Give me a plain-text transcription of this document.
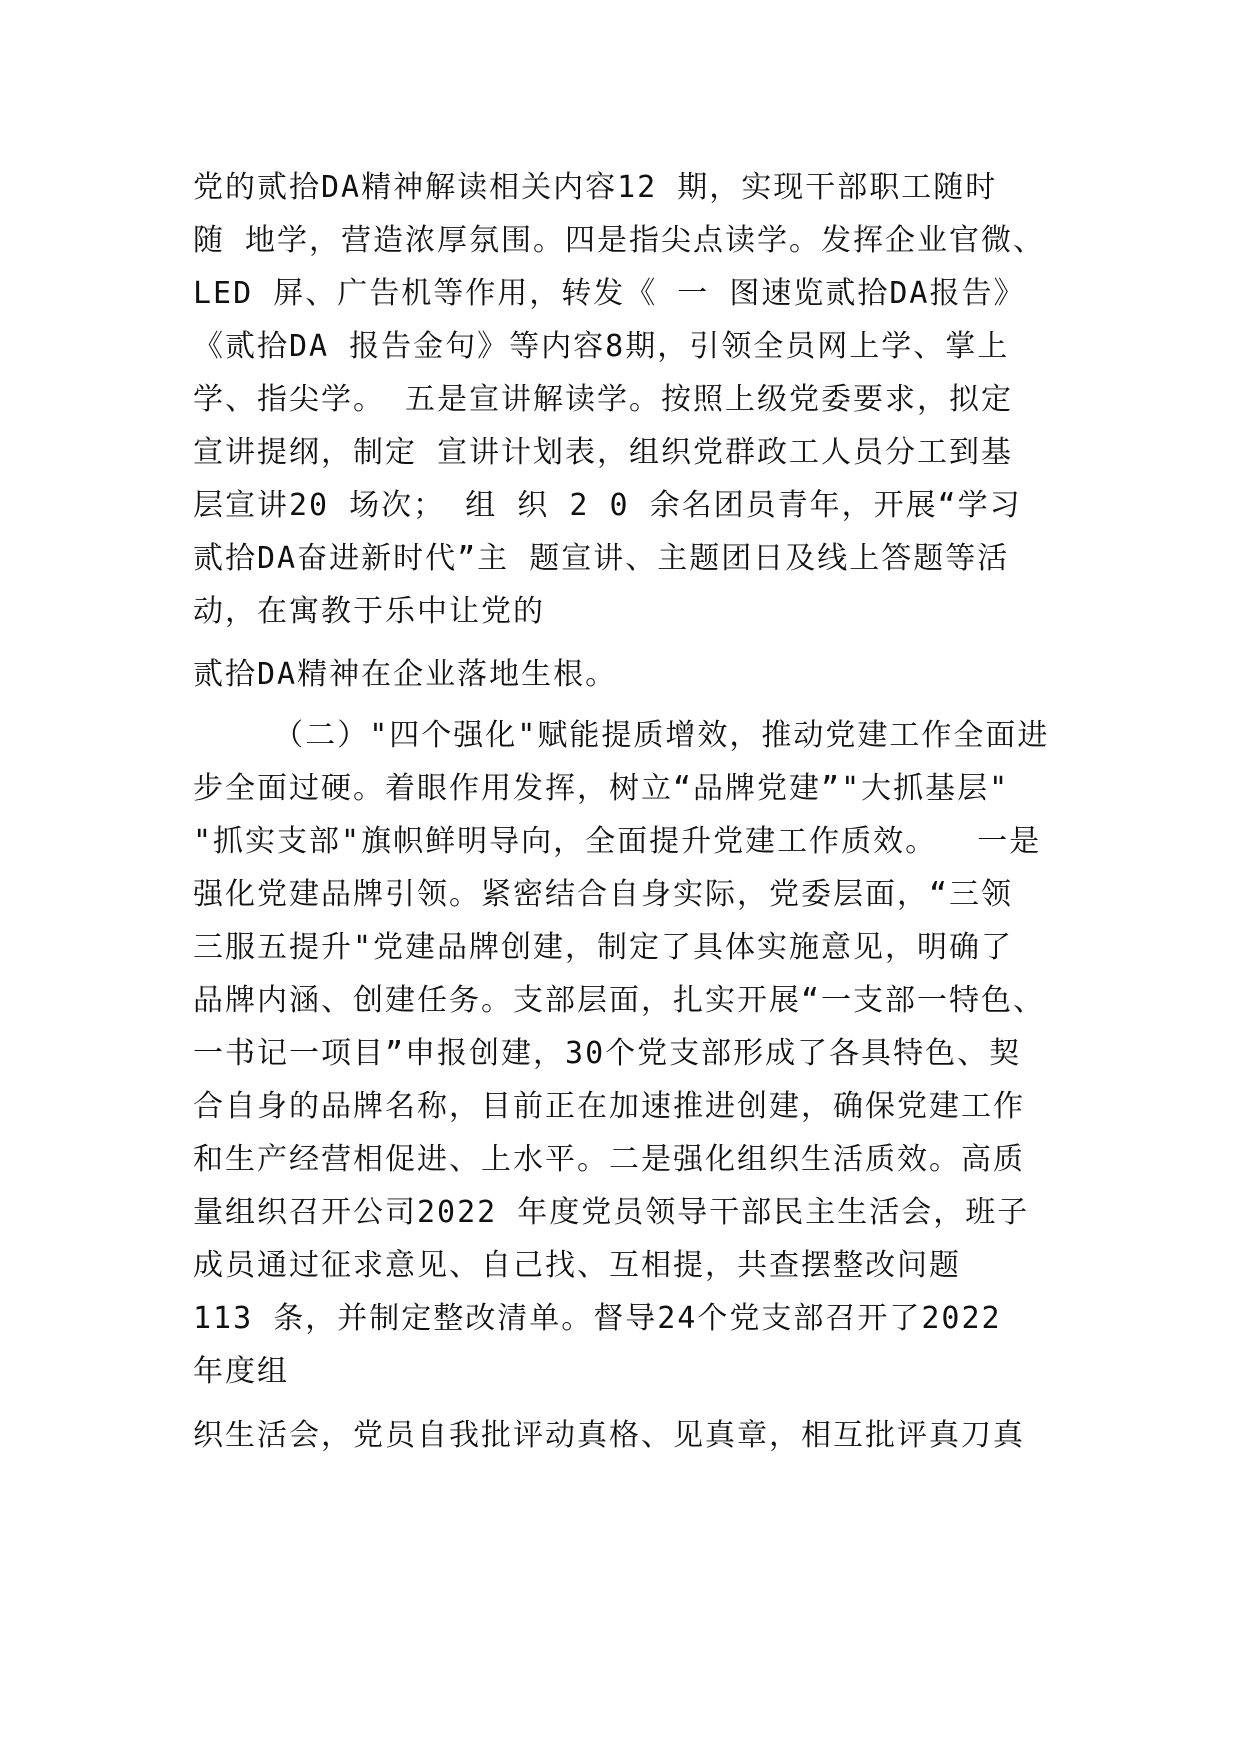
党的贰拾DA精神解读相关内容12 期，实现干部职工随时
随 地学，营造浓厚氛围。四是指尖点读学。发挥企业官微、
LED 屏、广告机等作用，转发《 一 图速览贰拾DA报告》
《贰拾DA 报告金句》等内容8期，引领全员网上学、掌上
学、指尖学。 五是宣讲解读学。按照上级党委要求，拟定
宣讲提纲，制定 宣讲计划表，组织党群政工人员分工到基
层宣讲20 场次； 组 织 2 0 余名团员青年，开展“学习
贰拾DA奋进新时代”主 题宣讲、主题团日及线上答题等活
动，在寓教于乐中让党的
贰拾DA精神在企业落地生根。
（二）"四个强化"赋能提质增效，推动党建工作全面进
步全面过硬。着眼作用发挥，树立“品牌党建”"大抓基层"
"抓实支部"旗帜鲜明导向，全面提升党建工作质效。  一是
强化党建品牌引领。紧密结合自身实际，党委层面，“三领
三服五提升"党建品牌创建，制定了具体实施意见，明确了
品牌内涵、创建任务。支部层面，扎实开展“一支部一特色、
一书记一项目”申报创建，30个党支部形成了各具特色、契
合自身的品牌名称，目前正在加速推进创建，确保党建工作
和生产经营相促进、上水平。二是强化组织生活质效。高质
量组织召开公司2022 年度党员领导干部民主生活会，班子
成员通过征求意见、自己找、互相提，共查摆整改问题
113 条，并制定整改清单。督导24个党支部召开了2022
年度组
织生活会，党员自我批评动真格、见真章，相互批评真刀真
